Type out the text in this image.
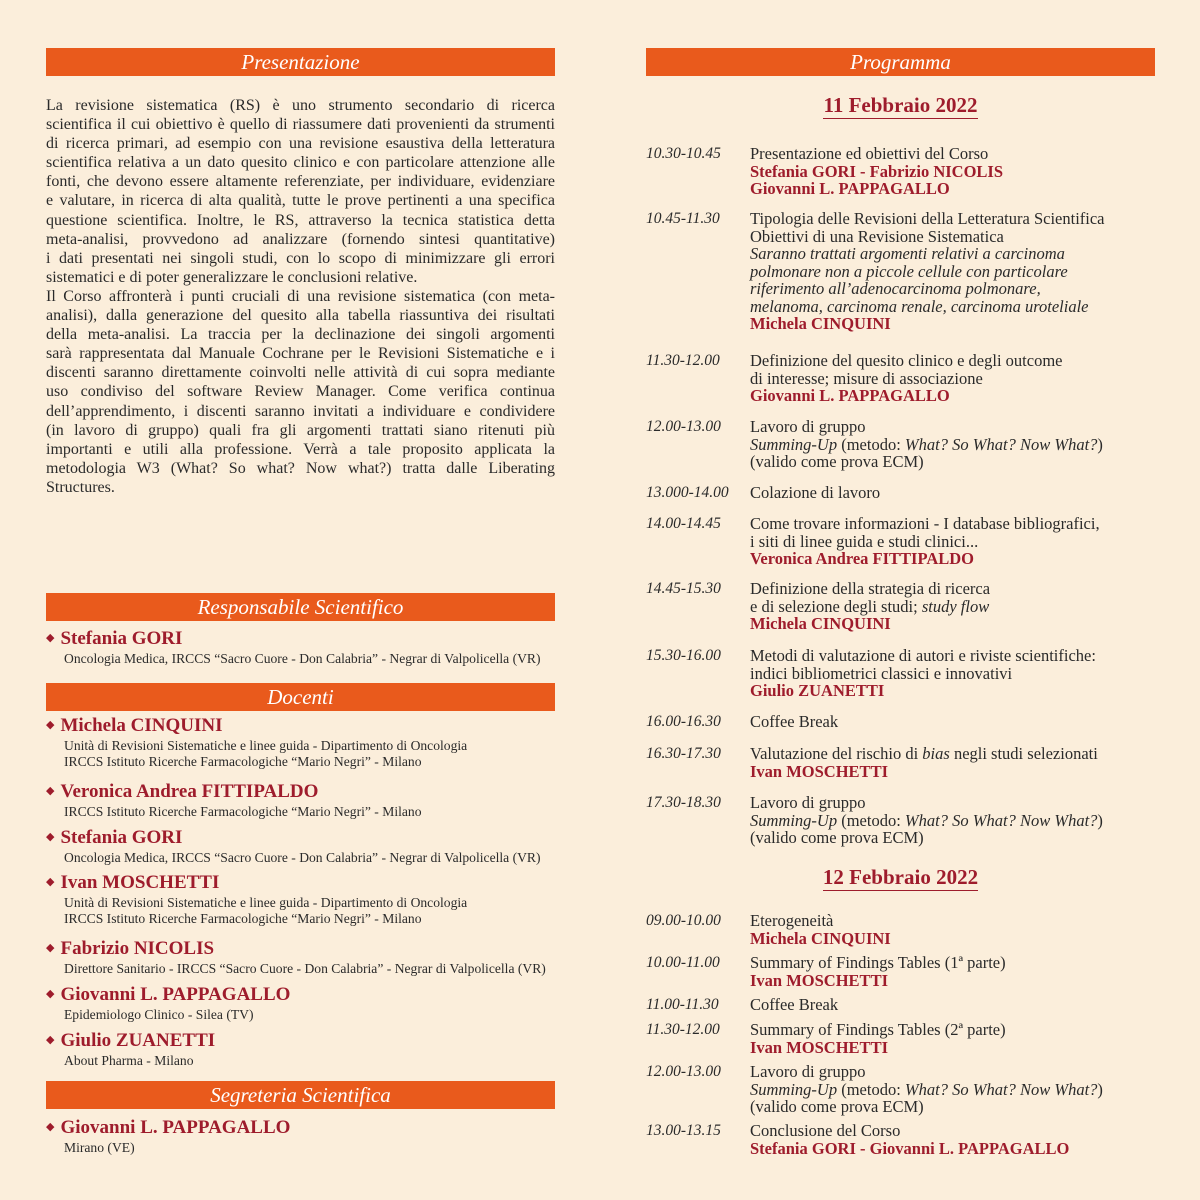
Presentazione
La revisione sistematica (RS) è uno strumento secondario di ricerca
scientifica il cui obiettivo è quello di riassumere dati provenienti da strumenti
di ricerca primari, ad esempio con una revisione esaustiva della letteratura
scientifica relativa a un dato quesito clinico e con particolare attenzione alle
fonti, che devono essere altamente referenziate, per individuare, evidenziare
e valutare, in ricerca di alta qualità, tutte le prove pertinenti a una specifica
questione scientifica. Inoltre, le RS, attraverso la tecnica statistica detta
meta-analisi, provvedono ad analizzare (fornendo sintesi quantitative)
i dati presentati nei singoli studi, con lo scopo di minimizzare gli errori
sistematici e di poter generalizzare le conclusioni relative.
Il Corso affronterà i punti cruciali di una revisione sistematica (con meta-
analisi), dalla generazione del quesito alla tabella riassuntiva dei risultati
della meta-analisi. La traccia per la declinazione dei singoli argomenti
sarà rappresentata dal Manuale Cochrane per le Revisioni Sistematiche e i
discenti saranno direttamente coinvolti nelle attività di cui sopra mediante
uso condiviso del software Review Manager. Come verifica continua
dell’apprendimento, i discenti saranno invitati a individuare e condividere
(in lavoro di gruppo) quali fra gli argomenti trattati siano ritenuti più
importanti e utili alla professione. Verrà a tale proposito applicata la
metodologia W3 (What? So what? Now what?) tratta dalle Liberating
Structures.
Responsabile Scientifico
◆ Stefania GORI
Oncologia Medica, IRCCS “Sacro Cuore - Don Calabria” - Negrar di Valpolicella (VR)
Docenti
◆ Michela CINQUINI
Unità di Revisioni Sistematiche e linee guida - Dipartimento di Oncologia
IRCCS Istituto Ricerche Farmacologiche “Mario Negri” - Milano
◆ Veronica Andrea FITTIPALDO
IRCCS Istituto Ricerche Farmacologiche “Mario Negri” - Milano
◆ Stefania GORI
Oncologia Medica, IRCCS “Sacro Cuore - Don Calabria” - Negrar di Valpolicella (VR)
◆ Ivan MOSCHETTI
Unità di Revisioni Sistematiche e linee guida - Dipartimento di Oncologia
IRCCS Istituto Ricerche Farmacologiche “Mario Negri” - Milano
◆ Fabrizio NICOLIS
Direttore Sanitario - IRCCS “Sacro Cuore - Don Calabria” - Negrar di Valpolicella (VR)
◆ Giovanni L. PAPPAGALLO
Epidemiologo Clinico - Silea (TV)
◆ Giulio ZUANETTI
About Pharma - Milano
Segreteria Scientifica
◆ Giovanni L. PAPPAGALLO
Mirano (VE)
Programma
11 Febbraio 2022
10.30-10.45 Presentazione ed obiettivi del Corso
Stefania GORI - Fabrizio NICOLIS
Giovanni L. PAPPAGALLO
10.45-11.30 Tipologia delle Revisioni della Letteratura Scientifica
Obiettivi di una Revisione Sistematica
Saranno trattati argomenti relativi a carcinoma
polmonare non a piccole cellule con particolare
riferimento all’adenocarcinoma polmonare,
melanoma, carcinoma renale, carcinoma uroteliale
Michela CINQUINI
11.30-12.00 Definizione del quesito clinico e degli outcome
di interesse; misure di associazione
Giovanni L. PAPPAGALLO
12.00-13.00 Lavoro di gruppo
Summing-Up (metodo: What? So What? Now What?)
(valido come prova ECM)
13.000-14.00 Colazione di lavoro
14.00-14.45 Come trovare informazioni - I database bibliografici,
i siti di linee guida e studi clinici...
Veronica Andrea FITTIPALDO
14.45-15.30 Definizione della strategia di ricerca
e di selezione degli studi; study flow
Michela CINQUINI
15.30-16.00 Metodi di valutazione di autori e riviste scientifiche:
indici bibliometrici classici e innovativi
Giulio ZUANETTI
16.00-16.30 Coffee Break
16.30-17.30 Valutazione del rischio di bias negli studi selezionati
Ivan MOSCHETTI
17.30-18.30 Lavoro di gruppo
Summing-Up (metodo: What? So What? Now What?)
(valido come prova ECM)
12 Febbraio 2022
09.00-10.00 Eterogeneità
Michela CINQUINI
10.00-11.00 Summary of Findings Tables (1ª parte)
Ivan MOSCHETTI
11.00-11.30 Coffee Break
11.30-12.00 Summary of Findings Tables (2ª parte)
Ivan MOSCHETTI
12.00-13.00 Lavoro di gruppo
Summing-Up (metodo: What? So What? Now What?)
(valido come prova ECM)
13.00-13.15 Conclusione del Corso
Stefania GORI - Giovanni L. PAPPAGALLO
